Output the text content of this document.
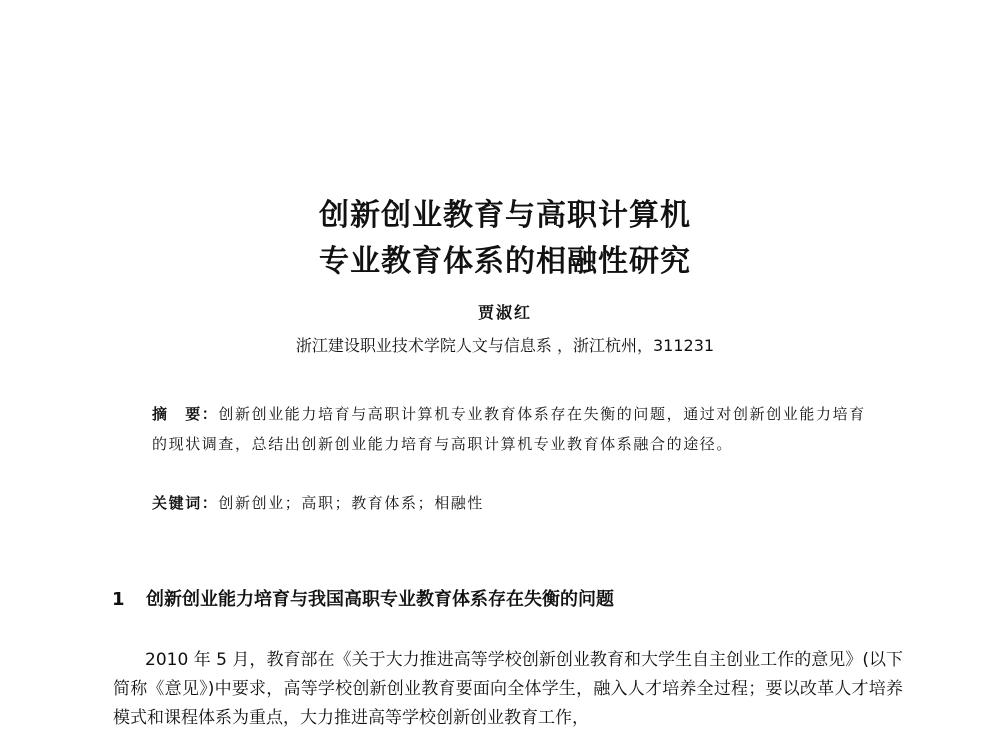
创新创业教育与高职计算机
专业教育体系的相融性研究
贾淑红
浙江建设职业技术学院人文与信息系 ，浙江杭州，311231
摘　要：创新创业能力培育与高职计算机专业教育体系存在失衡的问题，通过对创新创业能力培育的现状调查，总结出创新创业能力培育与高职计算机专业教育体系融合的途径。
关键词：创新创业；高职；教育体系；相融性
1 创新创业能力培育与我国高职专业教育体系存在失衡的问题
2010 年 5 月，教育部在《关于大力推进高等学校创新创业教育和大学生自主创业工作的意见》(以下简称《意见》)中要求，高等学校创新创业教育要面向全体学生，融入人才培养全过程；要以改革人才培养模式和课程体系为重点，大力推进高等学校创新创业教育工作，
